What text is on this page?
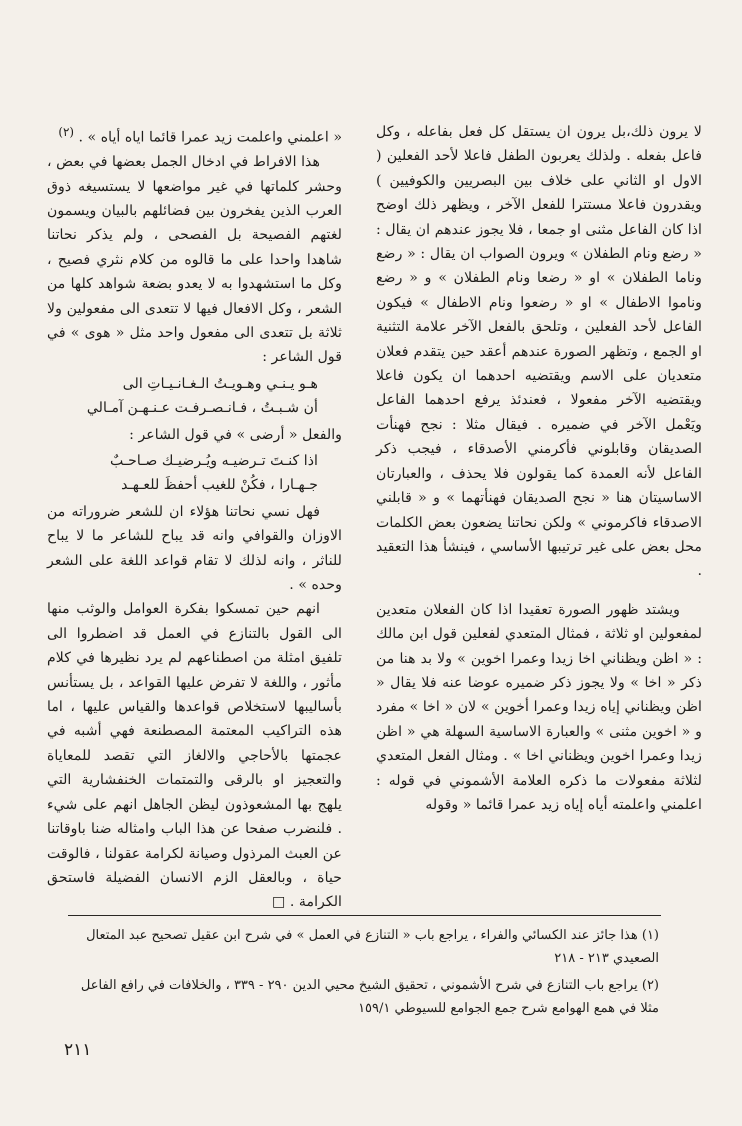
لا يرون ذلك،بل يرون ان يستقل كل فعل بفاعله ، وكل فاعل بفعله . ولذلك يعربون الطفل فاعلا لأحد الفعلين ( الاول او الثاني على خلاف بين البصريين والكوفيين ) ويقدرون فاعلا مستترا للفعل الآخر ، ويظهر ذلك اوضح اذا كان الفاعل مثنى او جمعا ، فلا يجوز عندهم ان يقال : « رضع ونام الطفلان » ويرون الصواب ان يقال : « رضع وناما الطفلان » او « رضعا ونام الطفلان » و « رضع وناموا الاطفال » او « رضعوا ونام الاطفال » فيكون الفاعل لأحد الفعلين ، وتلحق بالفعل الآخر علامة التثنية او الجمع ، وتظهر الصورة عندهم أعقد حين يتقدم فعلان متعديان على الاسم ويقتضيه احدهما ان يكون فاعلا ويقتضيه الآخر مفعولا ، فعندئذ يرفع احدهما الفاعل ويَعْمل الآخر في ضميره . فيقال مثلا : نجح فهنأت الصديقان وقابلوني فأكرمني الأصدقاء ، فيجب ذكر الفاعل لأنه العمدة كما يقولون فلا يحذف ، والعبارتان الاساسيتان هنا « نجح الصديقان فهنأتهما » و « قابلني الاصدقاء فاكرموني » ولكن نحاتنا يضعون بعض الكلمات محل بعض على غير ترتيبها الأساسي ، فينشأ هذا التعقيد .

ويشتد ظهور الصورة تعقيدا اذا كان الفعلان متعدين لمفعولين او ثلاثة ، فمثال المتعدي لفعلين قول ابن مالك : « اظن ويظناني اخا زيدا وعمرا اخوين » ولا بد هنا من ذكر « اخا » ولا يجوز ذكر ضميره عوضا عنه فلا يقال « اظن ويظناني إياه زيدا وعمرا أخوين » لان « اخا » مفرد و « اخوين مثنى » والعبارة الاساسية السهلة هي « اظن زيدا وعمرا اخوين ويظناني اخا » . ومثال الفعل المتعدي لثلاثة مفعولات ما ذكره العلامة الأشموني في قوله : اعلمني واعلمته أياه إياه زيد عمرا قائما « وقوله

« اعلمني واعلمت زيد عمرا قائما اياه أياه » . $^{(٢)}$

هذا الافراط في ادخال الجمل بعضها في بعض ، وحشر كلماتها في غير مواضعها لا يستسيغه ذوق العرب الذين يفخرون بين فضائلهم بالبيان ويسمون لغتهم الفصيحة بل الفصحى ، ولم يذكر نحاتنا شاهدا واحدا على ما قالوه من كلام نثري فصيح ، وكل ما استشهدوا به لا يعدو بضعة شواهد كلها من الشعر ، وكل الافعال فيها لا تتعدى الى مفعولين ولا ثلاثة بل تتعدى الى مفعول واحد مثل « هوى » في قول الشاعر :

هـو يـنـي وهـويـتُ الـغـانـيـاتِ الى
أن شـبـتُ ، فـانـصـرفـت عـنـهـن آمـالي

والفعل « أرضى » في قول الشاعر :

اذا كنـتَ تـرضيـه ويُـرضيـك صـاحـبٌ
جـهـارا ، فكُنْ للغيب أحفظَ للعـهـد

فهل نسي نحاتنا هؤلاء ان للشعر ضروراته من الاوزان والقوافي وانه قد يباح للشاعر ما لا يباح للناثر ، وانه لذلك لا تقام قواعد اللغة على الشعر وحده » .

انهم حين تمسكوا بفكرة العوامل والوثب منها الى القول بالتنازع في العمل قد اضطروا الى تلفيق امثلة من اصطناعهم لم يرد نظيرها في كلام مأثور ، واللغة لا تفرض عليها القواعد ، بل يستأنس بأساليبها لاستخلاص قواعدها والقياس عليها ، اما هذه التراكيب المعتمة المصطنعة فهي أشبه في عجمتها بالأحاجي والالغاز التي تقصد للمعاياة والتعجيز او بالرقى والتمتمات الخنفشارية التي يلهج بها المشعوذون ليظن الجاهل انهم على شيء . فلنضرب صفحا عن هذا الباب وامثاله ضنا باوقاتنا عن العبث المرذول وصيانة لكرامة عقولنا ، فالوقت حياة ، وبالعقل الزم الانسان الفضيلة فاستحق الكرامة . □

(١) هذا جائز عند الكسائي والفراء ، يراجع باب « التنازع في العمل » في شرح ابن عقيل تصحيح عبد المتعال الصعيدي ٢١٣ - ٢١٨

(٢) يراجع باب التنازع في شرح الأشموني ، تحقيق الشيخ محيي الدين ٢٩٠ - ٣٣٩ ، والخلافات في رافع الفاعل مثلا في همع الهوامع شرح جمع الجوامع للسيوطي ١٥٩/١

٢١١
